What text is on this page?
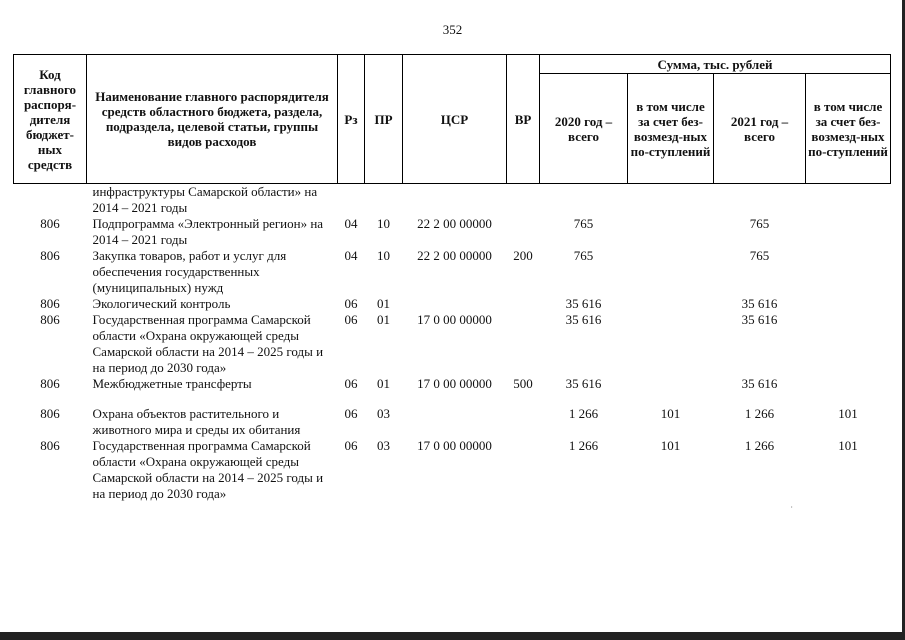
352
Код главного распоря-дителя бюджет-ных средств	Наименование главного распорядителя средств областного бюджета, раздела, подраздела, целевой статьи, группы видов расходов	Рз	ПР	ЦСР	ВР	Сумма, тыс. рублей			
						2020 год – всего	в том числе за счет без-возмезд-ных по-ступлений	2021 год – всего	в том числе за счет без-возмезд-ных по-ступлений
	инфраструктуры Самарской области» на 2014 – 2021 годы								
806	Подпрограмма «Электронный регион» на 2014 – 2021 годы	04	10	22 2 00 00000		765		765	
806	Закупка товаров, работ и услуг для обеспечения государственных (муниципальных) нужд	04	10	22 2 00 00000	200	765		765	
806	Экологический контроль	06	01			35 616		35 616	
806	Государственная программа Самарской области «Охрана окружающей среды Самарской области на 2014 – 2025 годы и на период до 2030 года»	06	01	17 0 00 00000		35 616		35 616	
806	Межбюджетные трансферты	06	01	17 0 00 00000	500	35 616		35 616	

806	Охрана объектов растительного и животного мира и среды их обитания	06	03			1 266	101	1 266	101
806	Государственная программа Самарской области «Охрана окружающей среды Самарской области на 2014 – 2025 годы и на период до 2030 года»	06	03	17 0 00 00000		1 266	101	1 266	101
·
